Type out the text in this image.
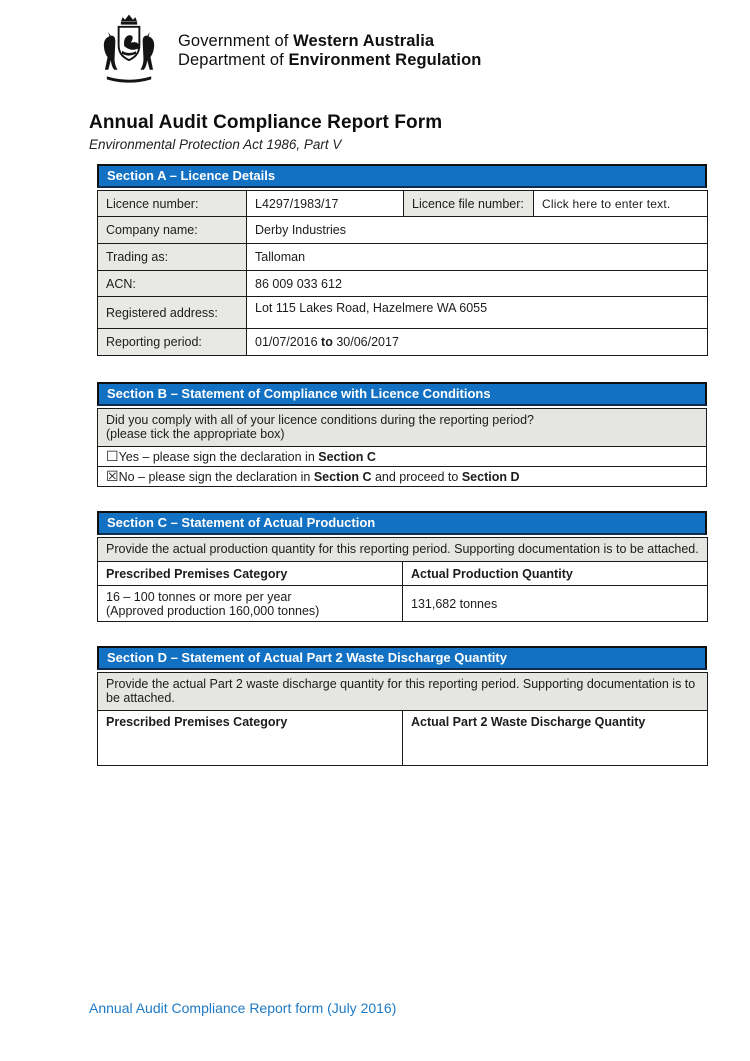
Government of Western Australia
Department of Environment Regulation
Annual Audit Compliance Report Form
Environmental Protection Act 1986, Part V
Section A – Licence Details
Licence number:	L4297/1983/17	Licence file number:	Click here to enter text.
Company name:	Derby Industries		
Trading as:	Talloman		
ACN:	86 009 033 612		
Registered address:	Lot 115 Lakes Road, Hazelmere WA 6055		
Reporting period:	01/07/2016 to 30/06/2017		
Section B – Statement of Compliance with Licence Conditions
Did you comply with all of your licence conditions during the reporting period?
(please tick the appropriate box)

☐Yes – please sign the declaration in Section C
☒No – please sign the declaration in Section C and proceed to Section D
Section C – Statement of Actual Production
Provide the actual production quantity for this reporting period. Supporting documentation is to be attached.	
Prescribed Premises Category	Actual Production Quantity

16 – 100 tonnes or more per year
(Approved production 160,000 tonnes)	131,682 tonnes
Section D – Statement of Actual Part 2 Waste Discharge Quantity
Provide the actual Part 2 waste discharge quantity for this reporting period. Supporting documentation is to be attached.
Prescribed Premises Category	Actual Part 2 Waste Discharge Quantity
Annual Audit Compliance Report form (July 2016)
